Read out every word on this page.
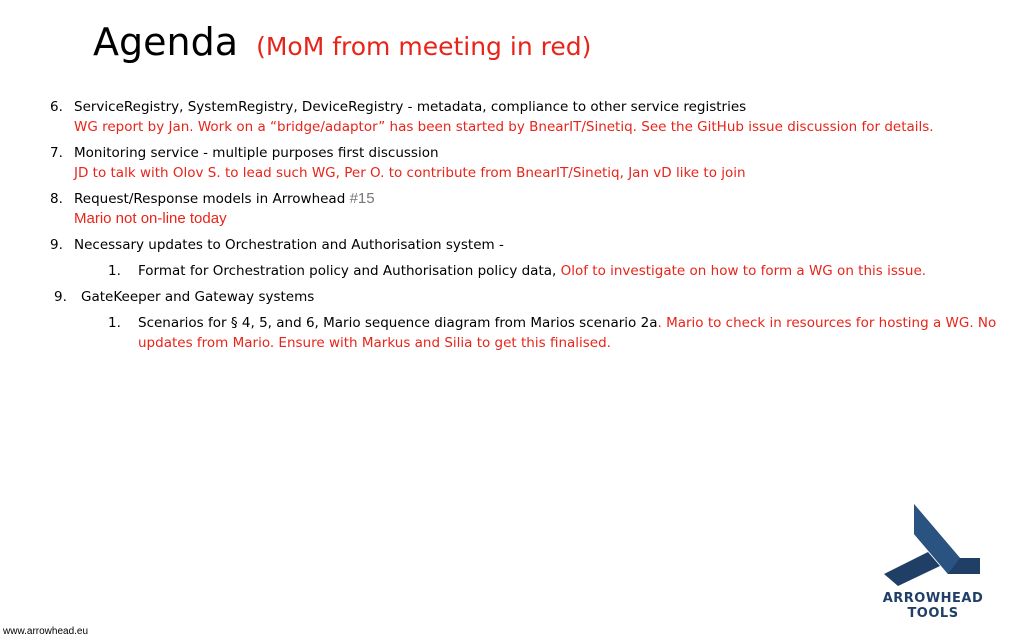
Agenda (MoM from meeting in red)
6. ServiceRegistry, SystemRegistry, DeviceRegistry - metadata, compliance to other service registries
WG report by Jan. Work on a “bridge/adaptor” has been started by BnearIT/Sinetiq. See the GitHub issue discussion for details.
7. Monitoring service - multiple purposes first discussion
JD to talk with Olov S. to lead such WG, Per O. to contribute from BnearIT/Sinetiq, Jan vD like to join
8. Request/Response models in Arrowhead #15
Mario not on-line today
9. Necessary updates to Orchestration and Authorisation system -
1. Format for Orchestration policy and Authorisation policy data, Olof to investigate on how to form a WG on this issue.
9. GateKeeper and Gateway systems
1. Scenarios for § 4, 5, and 6, Mario sequence diagram from Marios scenario 2a. Mario to check in resources for hosting a WG. No
updates from Mario. Ensure with Markus and Silia to get this finalised.
ARROWHEAD
TOOLS
www.arrowhead.eu
